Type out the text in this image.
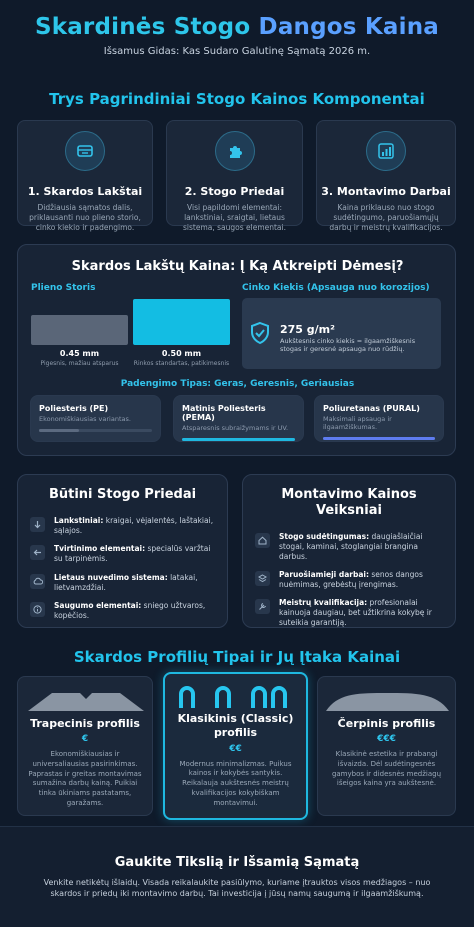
Skardinės Stogo Dangos Kaina
Išsamus Gidas: Kas Sudaro Galutinę Sąmatą 2026 m.
Trys Pagrindiniai Stogo Kainos Komponentai
1. Skardos Lakštai

Didžiausia sąmatos dalis, priklausanti nuo plieno storio, cinko kiekio ir padengimo.

2. Stogo Priedai

Visi papildomi elementai: lankstiniai, sraigtai, lietaus sistema, saugos elementai.

3. Montavimo Darbai

Kaina priklauso nuo stogo sudėtingumo, paruošiamųjų darbų ir meistrų kvalifikacijos.

Skardos Lakštų Kaina: Į Ką Atkreipti Dėmesį?
Plieno Storis
0.45 mm
Pigesnis, mažiau atsparus
0.50 mm
Rinkos standartas, patikimesnis
Cinko Kiekis (Apsauga nuo korozijos)
275 g/m²
Aukštesnis cinko kiekis = ilgaamžiškesnis stogas ir geresnė apsauga nuo rūdžių.
Padengimo Tipas: Geras, Geresnis, Geriausias
Poliesteris (PE)
Ekonomiškiausias variantas.
Matinis Poliesteris (PEMA)
Atsparesnis subraižymams ir UV.
Poliuretanas (PURAL)
Maksimali apsauga ir ilgaamžiškumas.
Būtini Stogo Priedai
Lankstiniai: kraigai, vėjalentės, laštakiai, sąlajos.
Tvirtinimo elementai: specialūs varžtai su tarpinėmis.
Lietaus nuvedimo sistema: latakai, lietvamzdžiai.
Saugumo elementai: sniego užtvaros, kopėčios.
Montavimo Kainos Veiksniai
Stogo sudėtingumas: daugiašlaičiai stogai, kaminai, stoglangiai brangina darbus.
Paruošiamieji darbai: senos dangos nuėmimas, grebėstų įrengimas.
Meistrų kvalifikacija: profesionalai kainuoja daugiau, bet užtikrina kokybę ir suteikia garantiją.
Skardos Profilių Tipai ir Jų Įtaka Kainai
Trapecinis profilis
€

Ekonomiškiausias ir universaliausias pasirinkimas. Paprastas ir greitas montavimas sumažina darbų kainą. Puikiai tinka ūkiniams pastatams, garažams.

Klasikinis (Classic) profilis
€€

Modernus minimalizmas. Puikus kainos ir kokybės santykis. Reikalauja aukštesnės meistrų kvalifikacijos kokybiškam montavimui.

Čerpinis profilis
€€€

Klasikinė estetika ir prabangi išvaizda. Dėl sudėtingesnės gamybos ir didesnės medžiagų išeigos kaina yra aukštesnė.

Gaukite Tikslią ir Išsamią Sąmatą
Venkite netikėtų išlaidų. Visada reikalaukite pasiūlymo, kuriame įtrauktos visos medžiagos – nuo skardos ir priedų iki montavimo darbų. Tai investicija į jūsų namų saugumą ir ilgaamžiškumą.
